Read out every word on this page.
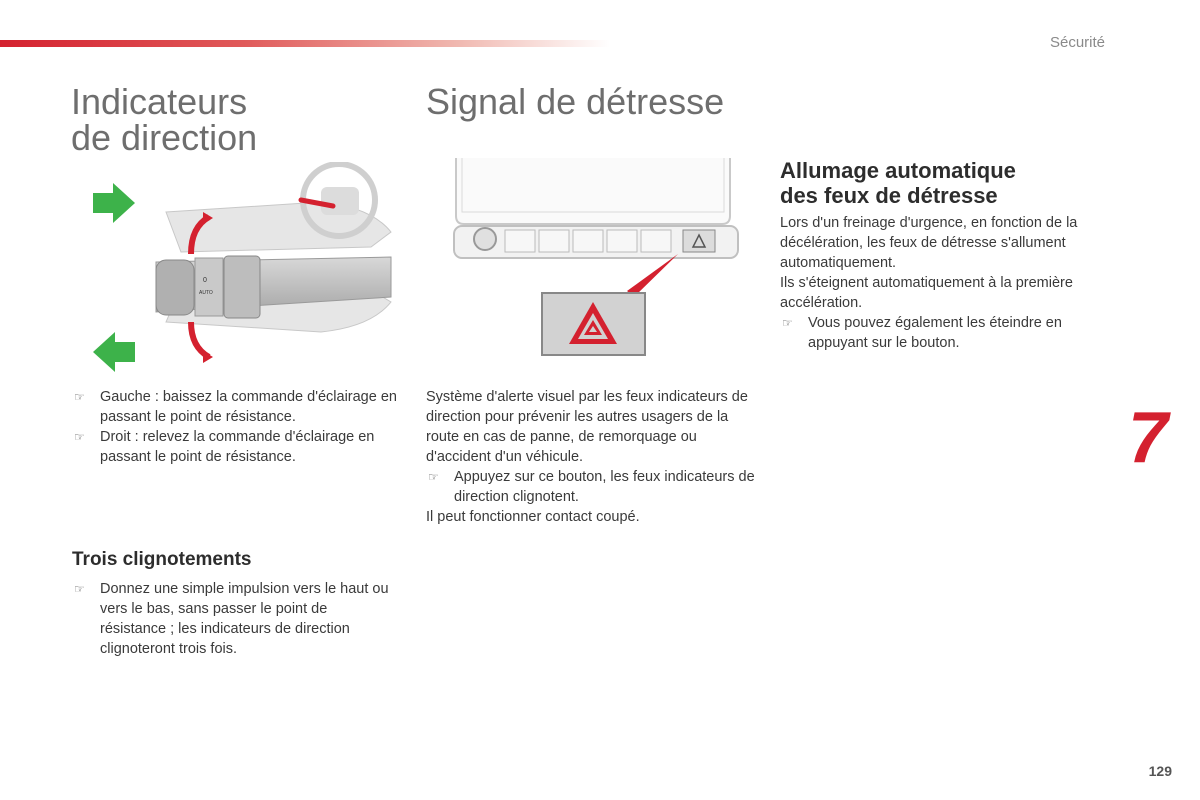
Sécurité
Indicateurs
de direction
0
AUTO
☞ Gauche : baissez la commande d'éclairage en passant le point de résistance.
☞ Droit : relevez la commande d'éclairage en passant le point de résistance.
Trois clignotements
☞ Donnez une simple impulsion vers le haut ou vers le bas, sans passer le point de résistance ; les indicateurs de direction clignoteront trois fois.
Signal de détresse
Système d'alerte visuel par les feux indicateurs de direction pour prévenir les autres usagers de la route en cas de panne, de remorquage ou d'accident d'un véhicule.
☞ Appuyez sur ce bouton, les feux indicateurs de direction clignotent.
Il peut fonctionner contact coupé.
Allumage automatique
des feux de détresse
Lors d'un freinage d'urgence, en fonction de la décélération, les feux de détresse s'allument automatiquement.
Ils s'éteignent automatiquement à la première accélération.
☞ Vous pouvez également les éteindre en appuyant sur le bouton.
7
129
